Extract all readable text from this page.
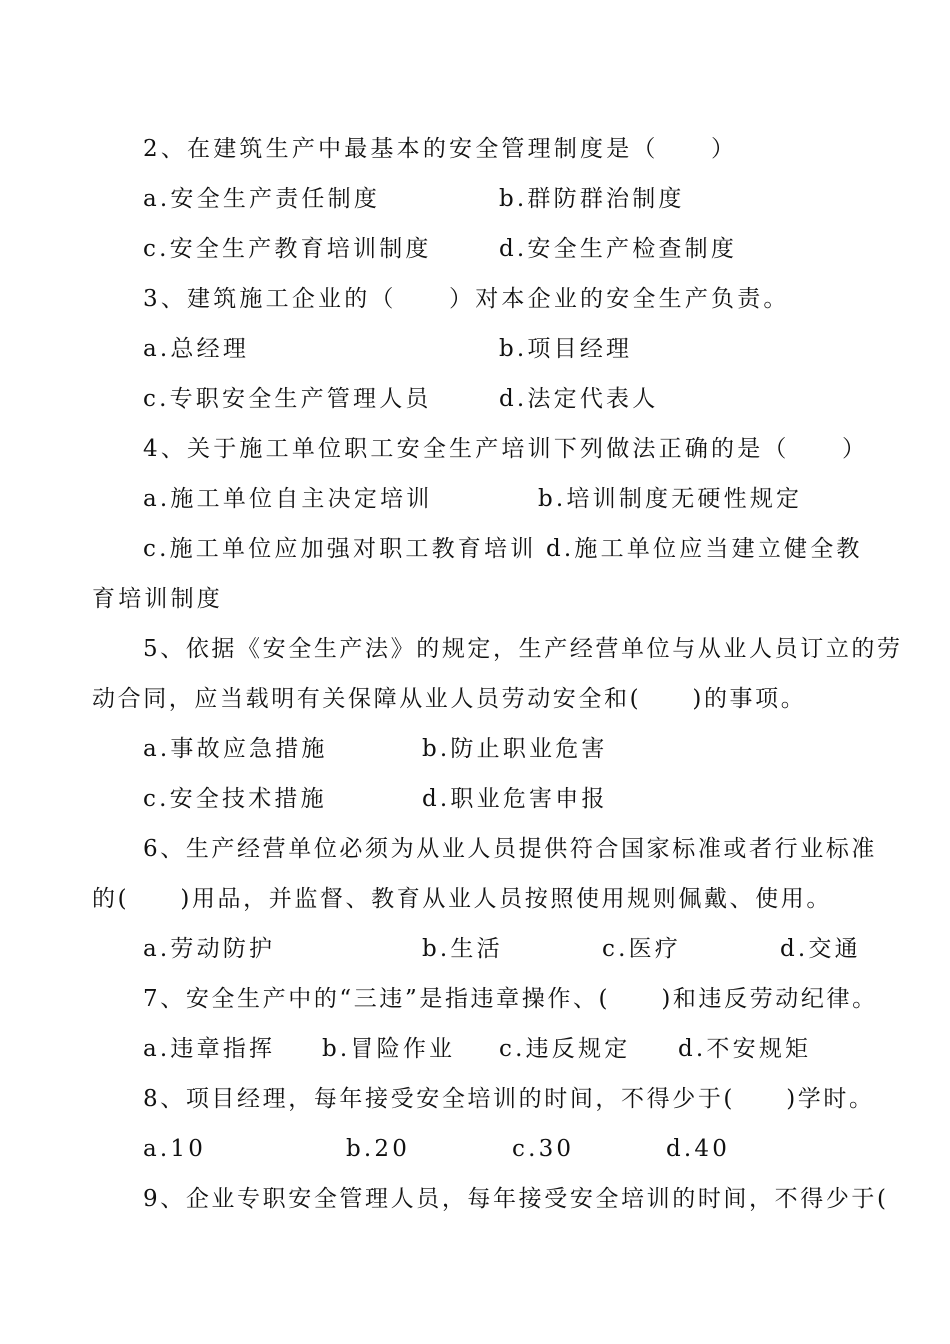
2、在建筑生产中最基本的安全管理制度是（　　）
a.安全生产责任制度	b.群防群治制度
c.安全生产教育培训制度	d.安全生产检查制度
3、建筑施工企业的（　　）对本企业的安全生产负责。
a.总经理	b.项目经理
c.专职安全生产管理人员	d.法定代表人
4、关于施工单位职工安全生产培训下列做法正确的是（　　）
a.施工单位自主决定培训	b.培训制度无硬性规定
c.施工单位应加强对职工教育培训 d.施工单位应当建立健全教
育培训制度
5、依据《安全生产法》的规定，生产经营单位与从业人员订立的劳
动合同，应当载明有关保障从业人员劳动安全和(　　)的事项。
a.事故应急措施	b.防止职业危害
c.安全技术措施	d.职业危害申报
6、生产经营单位必须为从业人员提供符合国家标准或者行业标准
的(　　)用品，并监督、教育从业人员按照使用规则佩戴、使用。
a.劳动防护	b.生活	c.医疗	d.交通
7、安全生产中的“三违”是指违章操作、(　　)和违反劳动纪律。
a.违章指挥 b.冒险作业 c.违反规定 d.不安规矩
8、项目经理，每年接受安全培训的时间，不得少于(　　)学时。
a.10	b.20	c.30	d.40
9、企业专职安全管理人员，每年接受安全培训的时间，不得少于(
